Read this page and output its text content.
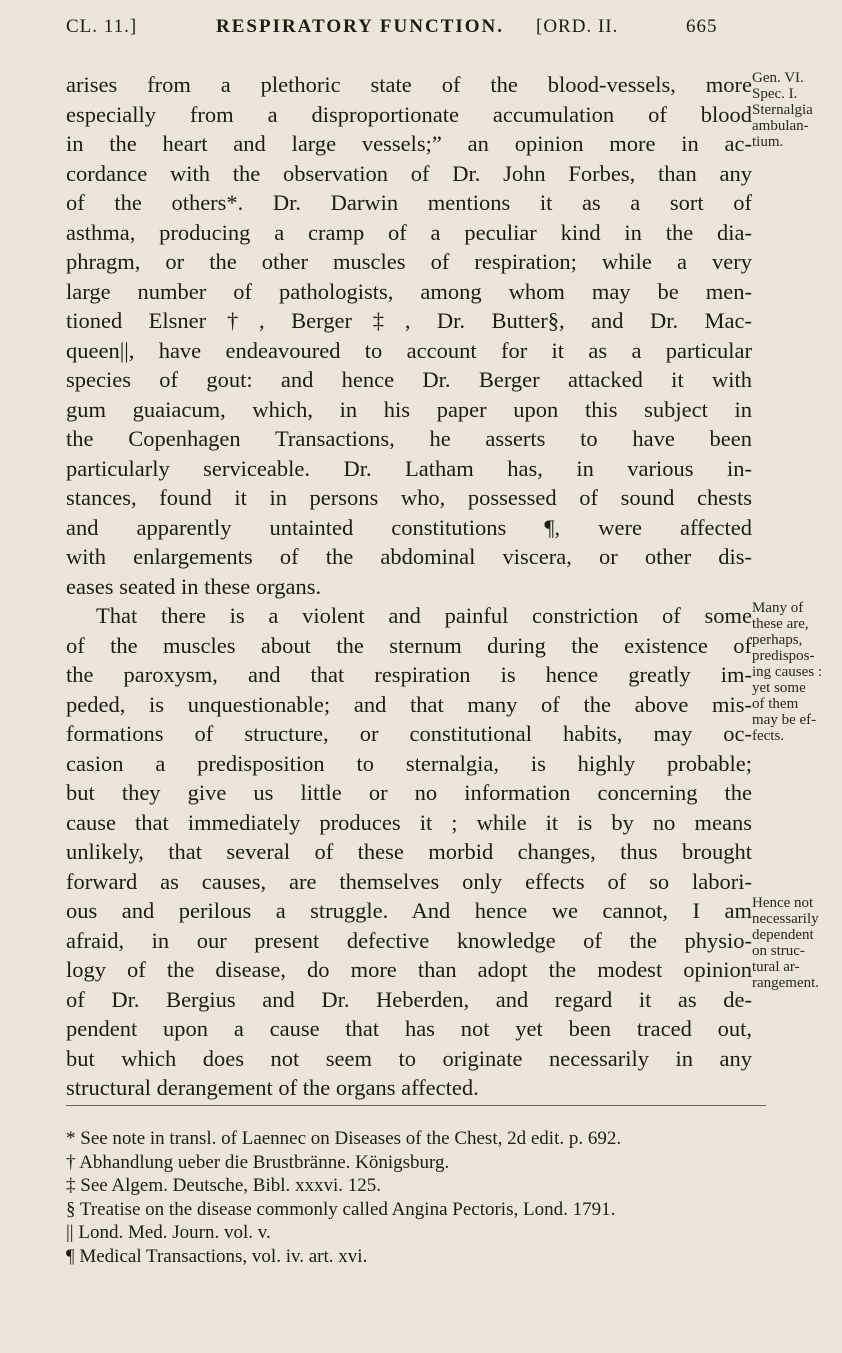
CL. 11.]	RESPIRATORY FUNCTION. [ORD. II.	665
arises from a plethoric state of the blood-vessels, more
especially from a disproportionate accumulation of blood
in the heart and large vessels;” an opinion more in ac-
cordance with the observation of Dr. John Forbes, than any
of the others*. Dr. Darwin mentions it as a sort of
asthma, producing a cramp of a peculiar kind in the dia-
phragm, or the other muscles of respiration; while a very
large number of pathologists, among whom may be men-
tioned Elsner†, Berger‡, Dr. Butter§, and Dr. Mac-
queen||, have endeavoured to account for it as a particular
species of gout: and hence Dr. Berger attacked it with
gum guaiacum, which, in his paper upon this subject in
the Copenhagen Transactions, he asserts to have been
particularly serviceable. Dr. Latham has, in various in-
stances, found it in persons who, possessed of sound chests
and apparently untainted constitutions ¶, were affected
with enlargements of the abdominal viscera, or other dis-
eases seated in these organs.
That there is a violent and painful constriction of some
of the muscles about the sternum during the existence of
the paroxysm, and that respiration is hence greatly im-
peded, is unquestionable; and that many of the above mis-
formations of structure, or constitutional habits, may oc-
casion a predisposition to sternalgia, is highly probable;
but they give us little or no information concerning the
cause that immediately produces it ; while it is by no means
unlikely, that several of these morbid changes, thus brought
forward as causes, are themselves only effects of so labori-
ous and perilous a struggle. And hence we cannot, I am
afraid, in our present defective knowledge of the physio-
logy of the disease, do more than adopt the modest opinion
of Dr. Bergius and Dr. Heberden, and regard it as de-
pendent upon a cause that has not yet been traced out,
but which does not seem to originate necessarily in any
structural derangement of the organs affected.
Gen. VI.
Spec. I.
Sternalgia
ambulan-
tium.
Many of
these are,
perhaps,
predispos-
ing causes :
yet some
of them
may be ef-
fects.
Hence not
necessarily
dependent
on struc-
tural ar-
rangement.
* See note in transl. of Laennec on Diseases of the Chest, 2d edit. p. 692.
† Abhandlung ueber die Brustbränne. Königsburg.
‡ See Algem. Deutsche, Bibl. xxxvi. 125.
§ Treatise on the disease commonly called Angina Pectoris, Lond. 1791.
|| Lond. Med. Journ. vol. v.
¶ Medical Transactions, vol. iv. art. xvi.
